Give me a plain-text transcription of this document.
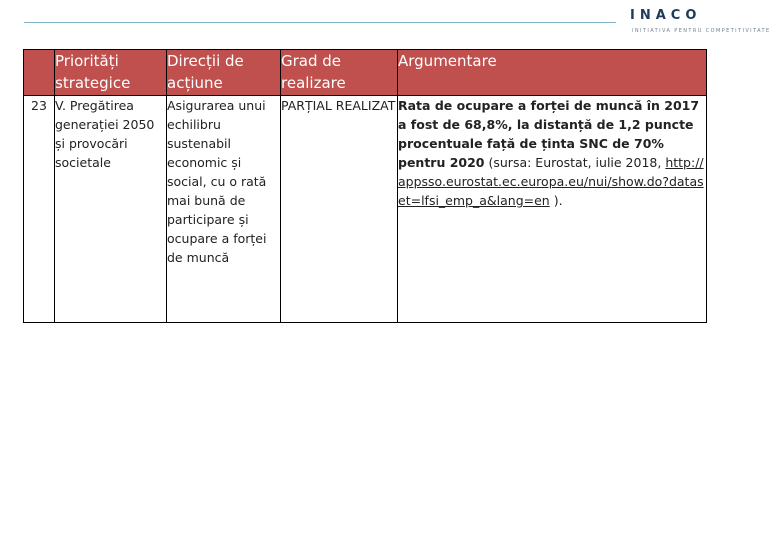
INACO
INITIATIVA PENTRU COMPETITIVITATE
	Priorități strategice	Direcții de acțiune	Grad de realizare	Argumentare
23	V. Pregătirea generației 2050 și provocări societale	Asigurarea unui echilibru sustenabil economic și social, cu o rată mai bună de participare și ocupare a forței de muncă	PARȚIAL REALIZAT	Rata de ocupare a forței de muncă în 2017 a fost de 68,8%, la distanță de 1,2 puncte procentuale față de ținta SNC de 70% pentru 2020 (sursa: Eurostat, iulie 2018, http://appsso.eurostat.ec.europa.eu/nui/show.do?dataset=lfsi_emp_a&lang=en ).
